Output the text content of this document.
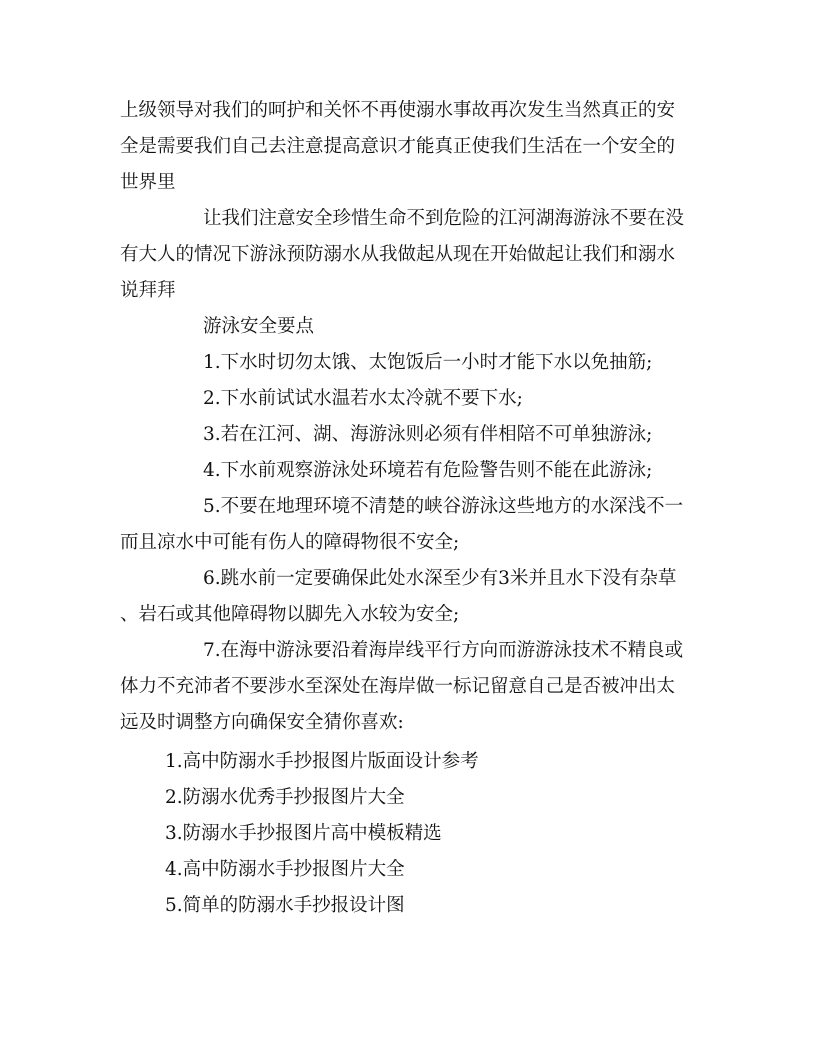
上级领导对我们的呵护和关怀不再使溺水事故再次发生当然真正的安
全是需要我们自己去注意提高意识才能真正使我们生活在一个安全的
世界里
让我们注意安全珍惜生命不到危险的江河湖海游泳不要在没
有大人的情况下游泳预防溺水从我做起从现在开始做起让我们和溺水
说拜拜
游泳安全要点
1.下水时切勿太饿、太饱饭后一小时才能下水以免抽筋;
2.下水前试试水温若水太冷就不要下水;
3.若在江河、湖、海游泳则必须有伴相陪不可单独游泳;
4.下水前观察游泳处环境若有危险警告则不能在此游泳;
5.不要在地理环境不清楚的峡谷游泳这些地方的水深浅不一
而且凉水中可能有伤人的障碍物很不安全;
6.跳水前一定要确保此处水深至少有3米并且水下没有杂草
、岩石或其他障碍物以脚先入水较为安全;
7.在海中游泳要沿着海岸线平行方向而游游泳技术不精良或
体力不充沛者不要涉水至深处在海岸做一标记留意自己是否被冲出太
远及时调整方向确保安全猜你喜欢:
1.高中防溺水手抄报图片版面设计参考
2.防溺水优秀手抄报图片大全
3.防溺水手抄报图片高中模板精选
4.高中防溺水手抄报图片大全
5.简单的防溺水手抄报设计图
